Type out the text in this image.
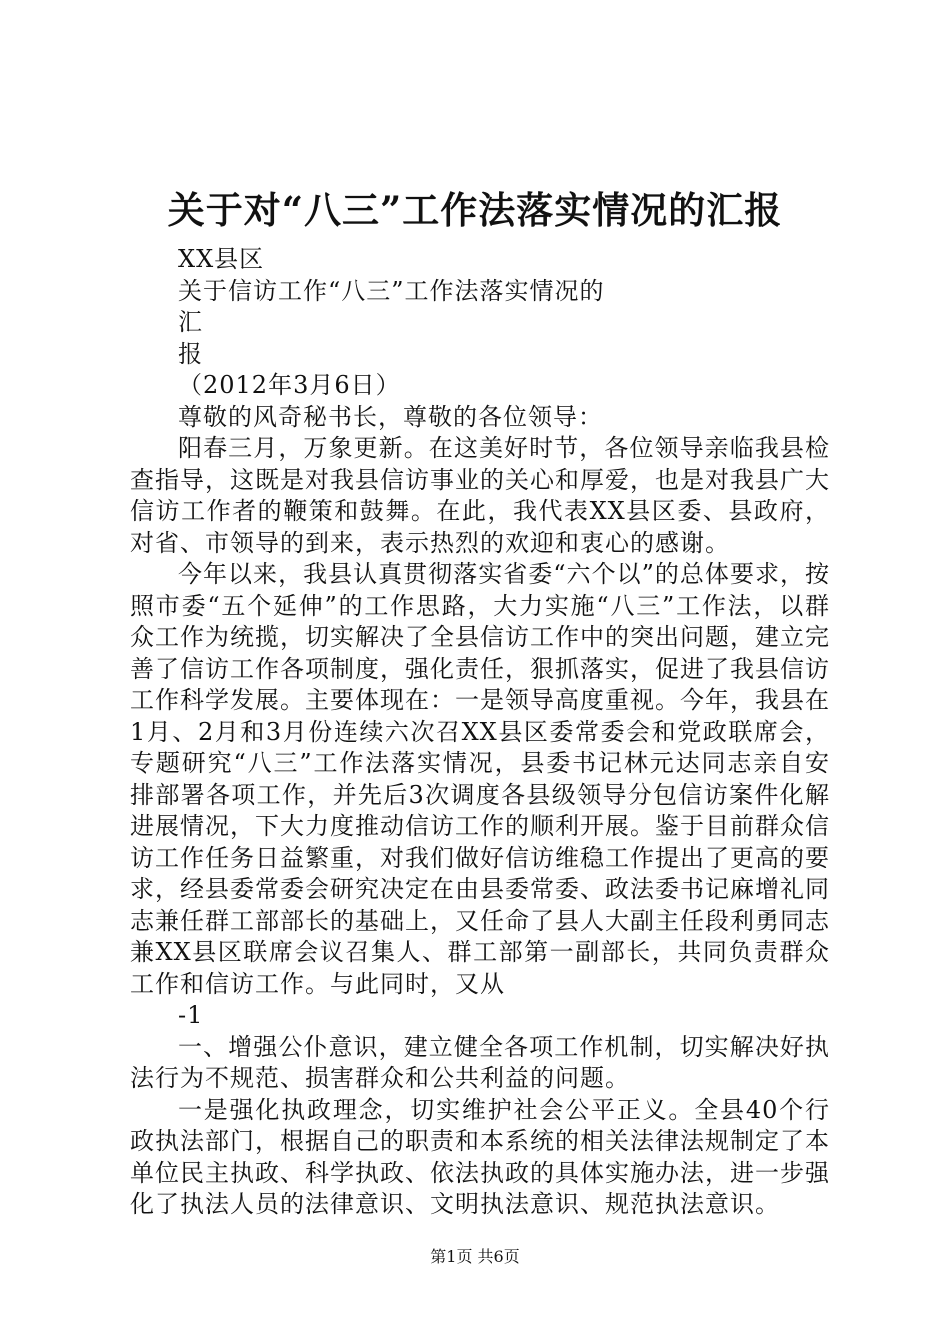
关于对“八三”工作法落实情况的汇报
XX县区
关于信访工作“八三”工作法落实情况的
汇
报
（2012年3月6日）
尊敬的风奇秘书长，尊敬的各位领导：

阳春三月，万象更新。在这美好时节，各位领导亲临我县检查指导，这既是对我县信访事业的关心和厚爱，也是对我县广大信访工作者的鞭策和鼓舞。在此，我代表XX县区委、县政府，对省、市领导的到来，表示热烈的欢迎和衷心的感谢。

今年以来，我县认真贯彻落实省委“六个以”的总体要求，按照市委“五个延伸”的工作思路，大力实施“八三”工作法，以群众工作为统揽，切实解决了全县信访工作中的突出问题，建立完善了信访工作各项制度，强化责任，狠抓落实，促进了我县信访工作科学发展。主要体现在：一是领导高度重视。今年，我县在1月、2月和3月份连续六次召XX县区委常委会和党政联席会，专题研究“八三”工作法落实情况，县委书记林元达同志亲自安排部署各项工作，并先后3次调度各县级领导分包信访案件化解进展情况，下大力度推动信访工作的顺利开展。鉴于目前群众信访工作任务日益繁重，对我们做好信访维稳工作提出了更高的要求，经县委常委会研究决定在由县委常委、政法委书记麻增礼同志兼任群工部部长的基础上，又任命了县人大副主任段利勇同志兼XX县区联席会议召集人、群工部第一副部长，共同负责群众工作和信访工作。与此同时，又从

-1

一、增强公仆意识，建立健全各项工作机制，切实解决好执法行为不规范、损害群众和公共利益的问题。

一是强化执政理念，切实维护社会公平正义。全县40个行政执法部门，根据自己的职责和本系统的相关法律法规制定了本单位民主执政、科学执政、依法执政的具体实施办法，进一步强化了执法人员的法律意识、文明执法意识、规范执法意识。

第1页 共6页
